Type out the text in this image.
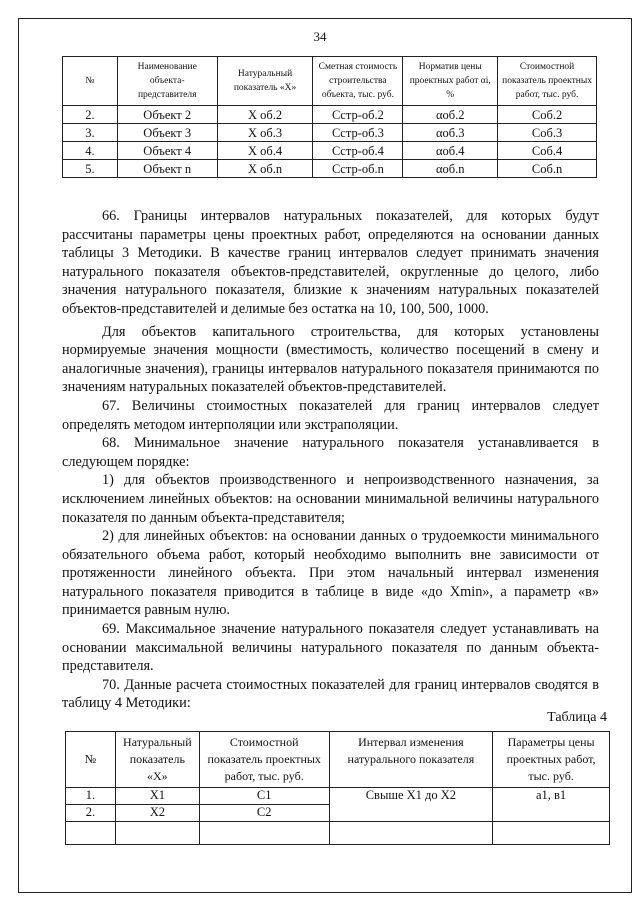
34
№	Наименование объекта-представителя	Натуральный показатель «X»	Сметная стоимость строительства объекта, тыс. руб.	Норматив цены проектных работ αi, %	Стоимостной показатель проектных работ, тыс. руб.
2.	Объект 2	X об.2	Cстр-об.2	αоб.2	Cоб.2
3.	Объект 3	X об.3	Cстр-об.3	αоб.3	Cоб.3
4.	Объект 4	X об.4	Cстр-об.4	αоб.4	Cоб.4
5.	Объект n	X об.n	Cстр-об.n	αоб.n	Cоб.n

66. Границы интервалов натуральных показателей, для которых будут рассчитаны параметры цены проектных работ, определяются на основании данных таблицы 3 Методики. В качестве границ интервалов следует принимать значения натурального показателя объектов-представителей, округленные до целого, либо значения натурального показателя, близкие к значениям натуральных показателей объектов-представителей и делимые без остатка на 10, 100, 500, 1000.

Для объектов капитального строительства, для которых установлены нормируемые значения мощности (вместимость, количество посещений в смену и аналогичные значения), границы интервалов натурального показателя принимаются по значениям натуральных показателей объектов-представителей.

67. Величины стоимостных показателей для границ интервалов следует определять методом интерполяции или экстраполяции.

68. Минимальное значение натурального показателя устанавливается в следующем порядке:

1) для объектов производственного и непроизводственного назначения, за исключением линейных объектов: на основании минимальной величины натурального показателя по данным объекта-представителя;

2) для линейных объектов: на основании данных о трудоемкости минимального обязательного объема работ, который необходимо выполнить вне зависимости от протяженности линейного объекта. При этом начальный интервал изменения натурального показателя приводится в таблице в виде «до Xmin», а параметр «в» принимается равным нулю.

69. Максимальное значение натурального показателя следует устанавливать на основании максимальной величины натурального показателя по данным объекта-представителя.

70. Данные расчета стоимостных показателей для границ интервалов сводятся в таблицу 4 Методики:

Таблица 4
№	Натуральный показатель «X»	Стоимостной показатель проектных работ, тыс. руб.	Интервал изменения натурального показателя	Параметры цены проектных работ, тыс. руб.
1.	X1	C1	Свыше X1 до X2	a1, в1
2.	X2	C2		
